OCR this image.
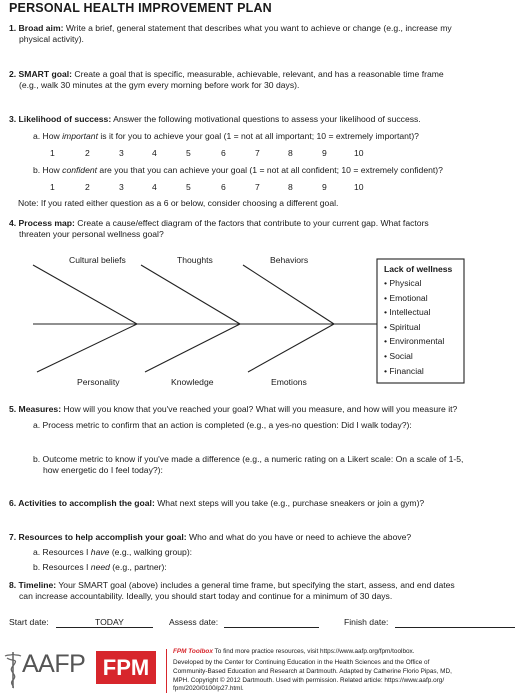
PERSONAL HEALTH IMPROVEMENT PLAN
1. Broad aim: Write a brief, general statement that describes what you want to achieve or change (e.g., increase my
physical activity).
2. SMART goal: Create a goal that is specific, measurable, achievable, relevant, and has a reasonable time frame
(e.g., walk 30 minutes at the gym every morning before work for 30 days).
3. Likelihood of success: Answer the following motivational questions to assess your likelihood of success.
a. How important is it for you to achieve your goal (1 = not at all important; 10 = extremely important)?
1	2	3	4	5	6	7	8	9	10
b. How confident are you that you can achieve your goal (1 = not at all confident; 10 = extremely confident)?
1	2	3	4	5	6	7	8	9	10
Note: If you rated either question as a 6 or below, consider choosing a different goal.
4. Process map: Create a cause/effect diagram of the factors that contribute to your current gap. What factors
threaten your personal wellness goal?
Cultural beliefs	Thoughts	Behaviors
Personality	Knowledge	Emotions
Lack of wellness
• Physical
• Emotional
• Intellectual
• Spiritual
• Environmental
• Social
• Financial
5. Measures: How will you know that you've reached your goal? What will you measure, and how will you measure it?
a. Process metric to confirm that an action is completed (e.g., a yes-no question: Did I walk today?):
b. Outcome metric to know if you've made a difference (e.g., a numeric rating on a Likert scale: On a scale of 1-5,
how energetic do I feel today?):
6. Activities to accomplish the goal: What next steps will you take (e.g., purchase sneakers or join a gym)?
7. Resources to help accomplish your goal: Who and what do you have or need to achieve the above?
a. Resources I have (e.g., walking group):
b. Resources I need (e.g., partner):
8. Timeline: Your SMART goal (above) includes a general time frame, but specifying the start, assess, and end dates
can increase accountability. Ideally, you should start today and continue for a minimum of 30 days.
Start date:	TODAY	Assess date:	Finish date:
AAFP FPM
FPM Toolbox To find more practice resources, visit https://www.aafp.org/fpm/toolbox.
Developed by the Center for Continuing Education in the Health Sciences and the Office of
Community-Based Education and Research at Dartmouth. Adapted by Catherine Florio Pipas, MD,
MPH. Copyright © 2012 Dartmouth. Used with permission. Related article: https://www.aafp.org/
fpm/2020/0100/p27.html.
